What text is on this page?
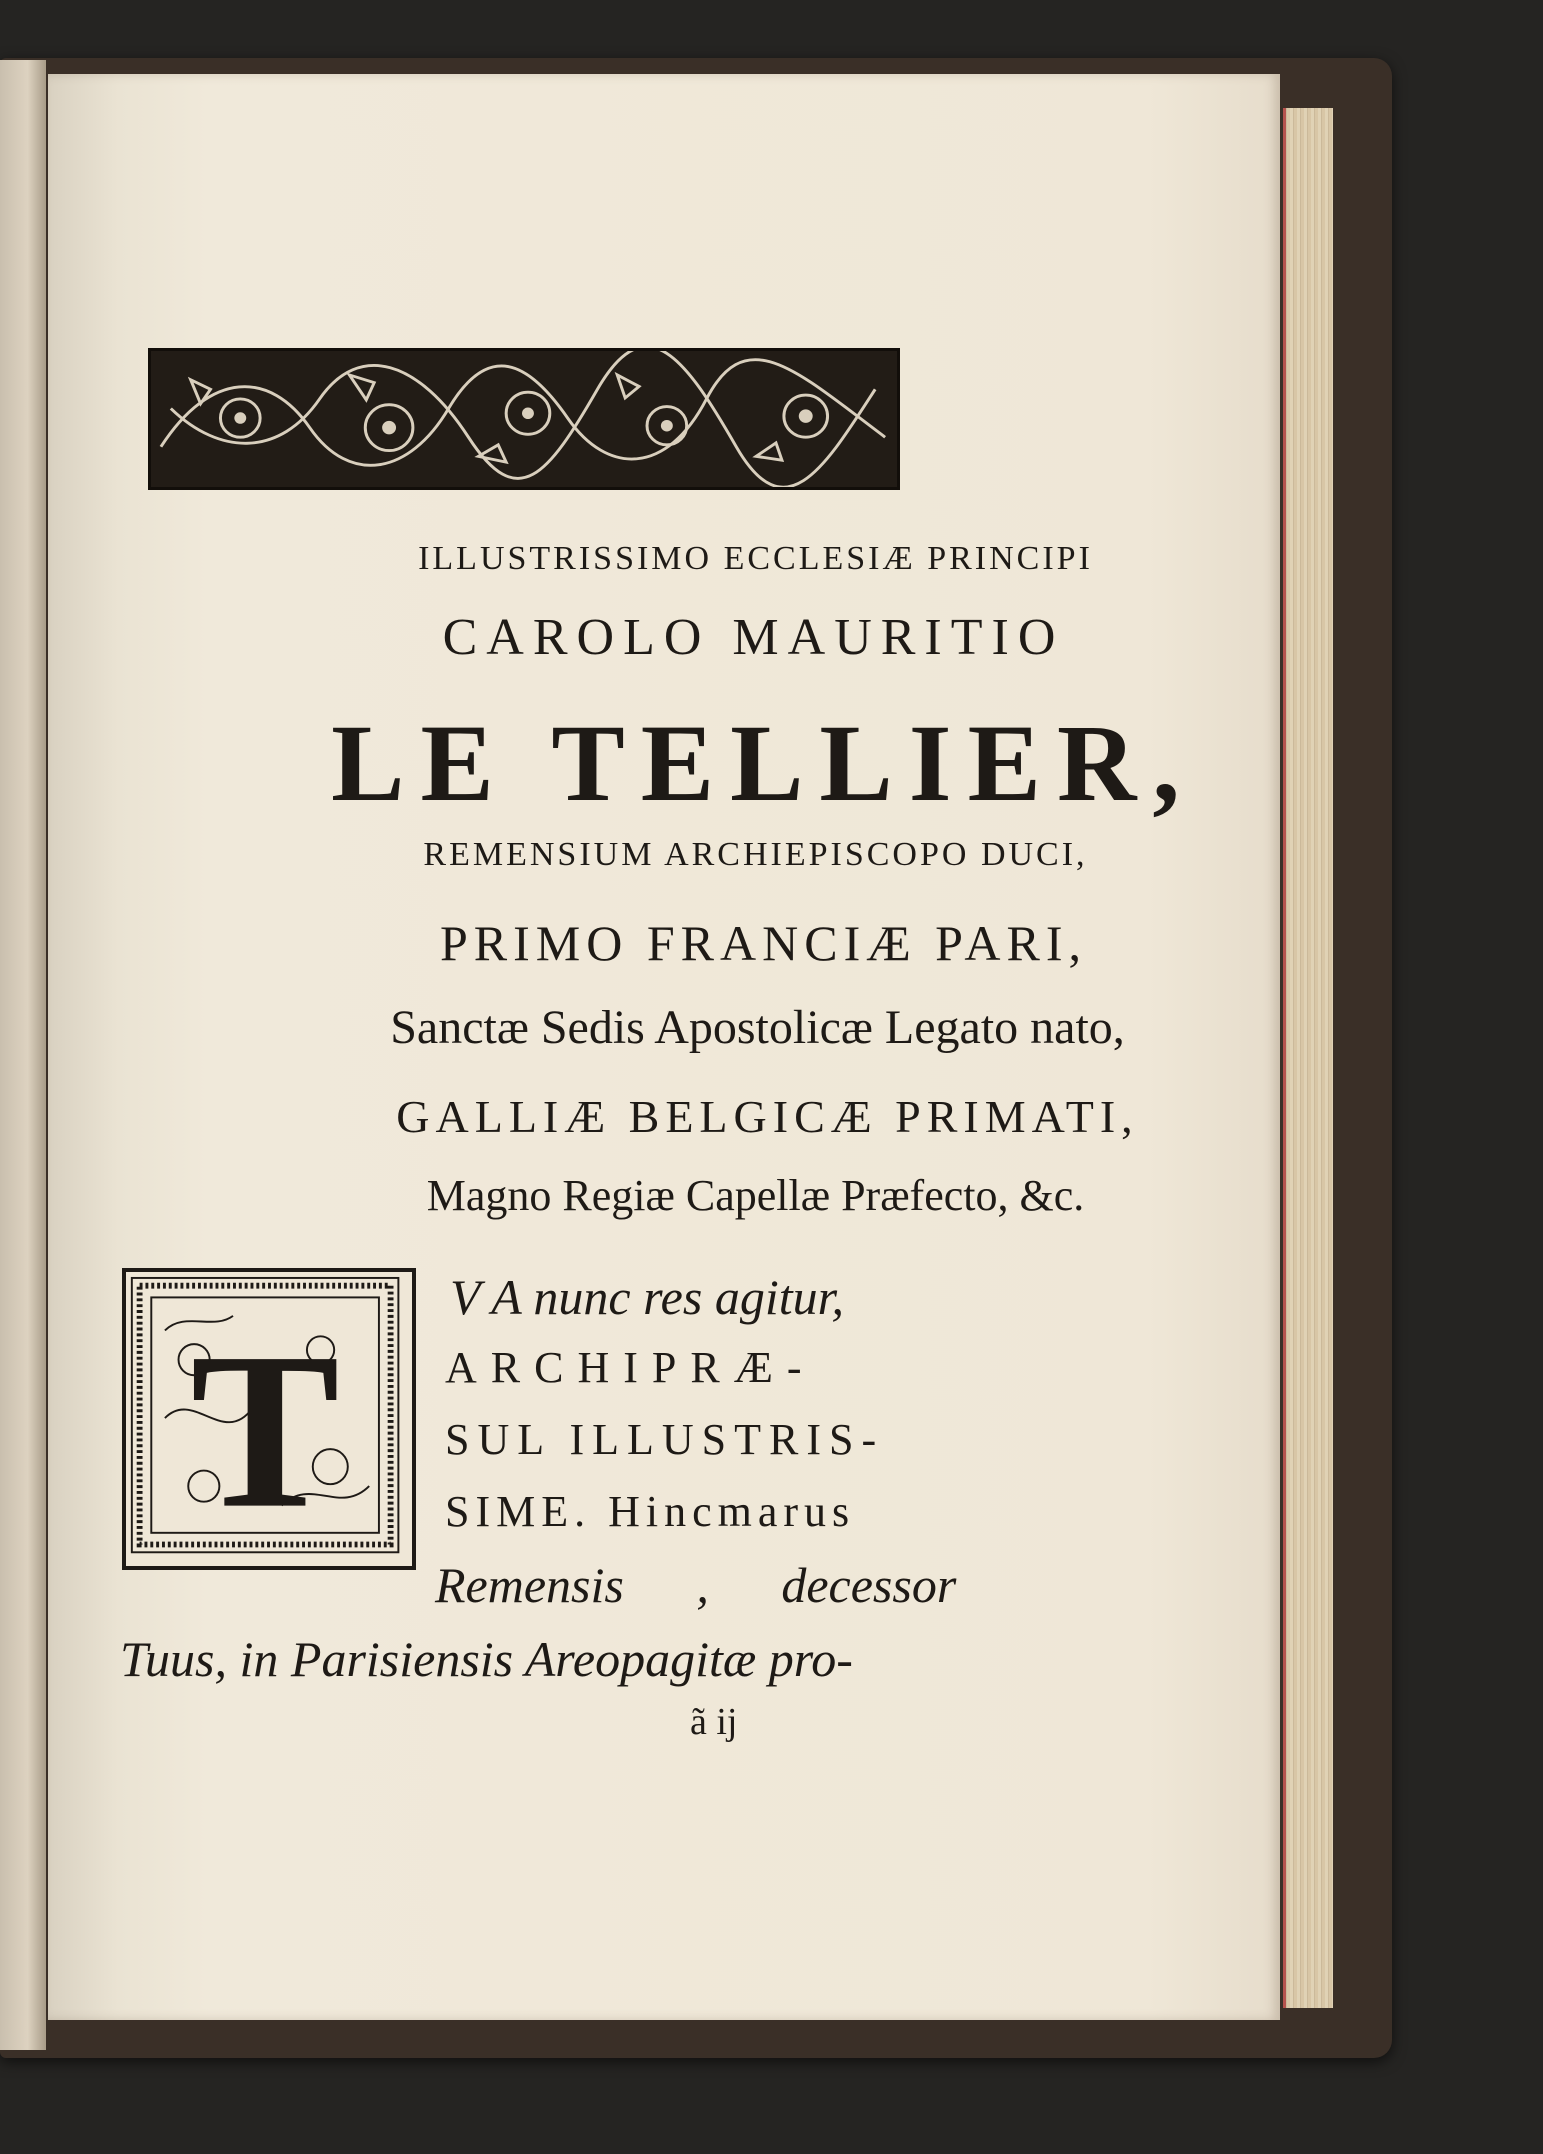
ILLUSTRISSIMO ECCLESIÆ PRINCIPI
CAROLO MAURITIO
LE TELLIER,
REMENSIUM ARCHIEPISCOPO DUCI,
PRIMO FRANCIÆ PARI,
Sanctæ Sedis Apostolicæ Legato nato,
GALLIÆ BELGICÆ PRIMATI,
Magno Regiæ Capellæ Præfecto, &c.
T
V A nunc res agitur,
ARCHIPRÆ-
SUL ILLUSTRIS-
SIME. Hincmarus
Remensis , decessor
Tuus, in Parisiensis Areopagitæ pro-
ã ij
